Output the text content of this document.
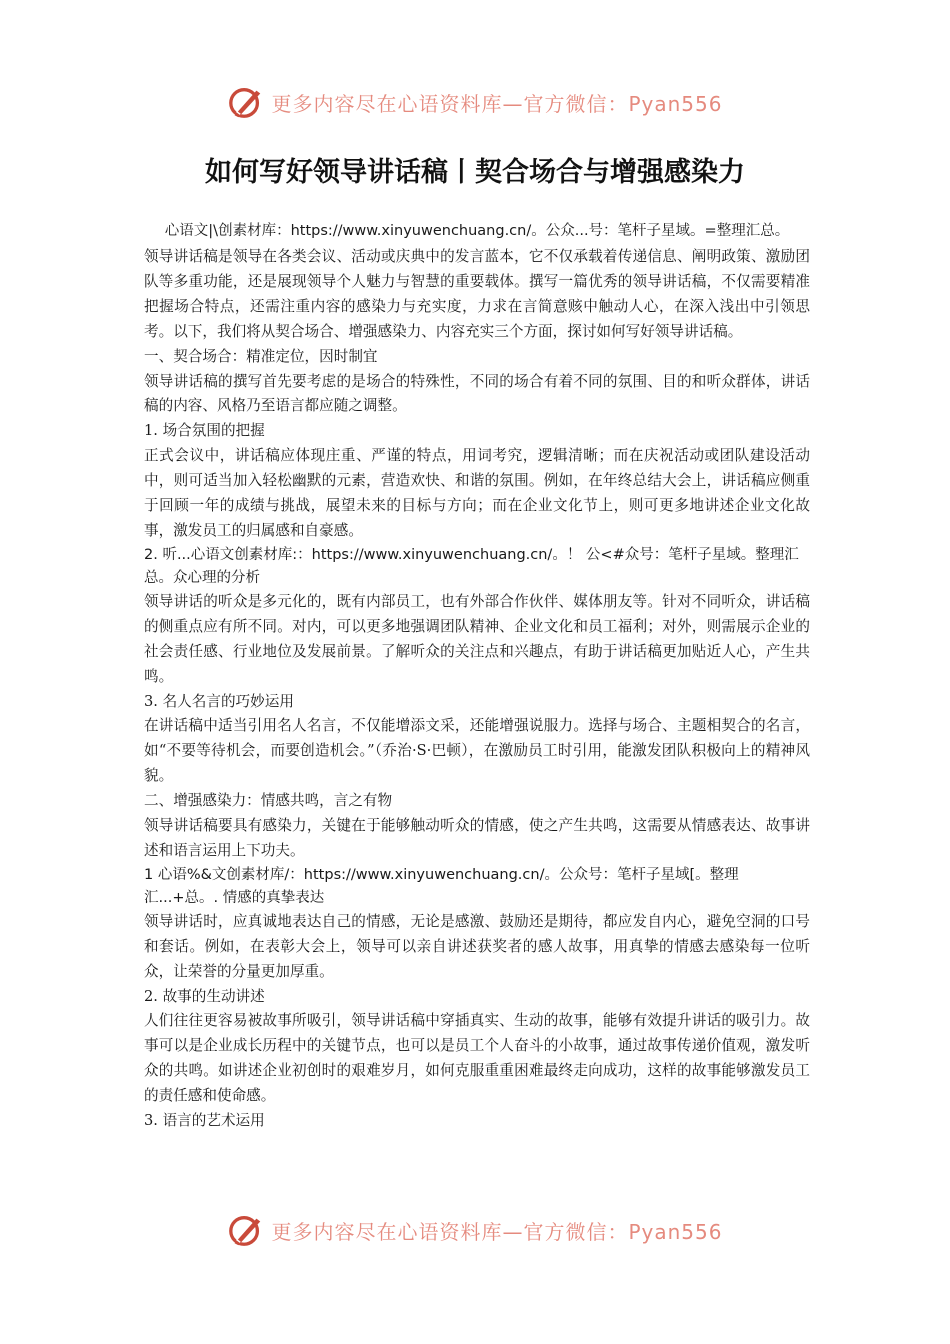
更多内容尽在心语资料库—官方微信：Pyan556
如何写好领导讲话稿丨契合场合与增强感染力

心语文|\创素材库：https://www.xinyuwenchuang.cn/。公众...号：笔杆子星域。=整理汇总。

领导讲话稿是领导在各类会议、活动或庆典中的发言蓝本，它不仅承载着传递信息、阐明政策、激励团队等多重功能，还是展现领导个人魅力与智慧的重要载体。撰写一篇优秀的领导讲话稿，不仅需要精准把握场合特点，还需注重内容的感染力与充实度，力求在言简意赅中触动人心，在深入浅出中引领思考。以下，我们将从契合场合、增强感染力、内容充实三个方面，探讨如何写好领导讲话稿。

一、契合场合：精准定位，因时制宜

领导讲话稿的撰写首先要考虑的是场合的特殊性，不同的场合有着不同的氛围、目的和听众群体，讲话稿的内容、风格乃至语言都应随之调整。

1. 场合氛围的把握

正式会议中，讲话稿应体现庄重、严谨的特点，用词考究，逻辑清晰；而在庆祝活动或团队建设活动中，则可适当加入轻松幽默的元素，营造欢快、和谐的氛围。例如，在年终总结大会上，讲话稿应侧重于回顾一年的成绩与挑战，展望未来的目标与方向；而在企业文化节上，则可更多地讲述企业文化故事，激发员工的归属感和自豪感。

2. 听...心语文创素材库:：https://www.xinyuwenchuang.cn/。！ 公<#众号：笔杆子星域。整理汇总。众心理的分析

领导讲话的听众是多元化的，既有内部员工，也有外部合作伙伴、媒体朋友等。针对不同听众，讲话稿的侧重点应有所不同。对内，可以更多地强调团队精神、企业文化和员工福利；对外，则需展示企业的社会责任感、行业地位及发展前景。了解听众的关注点和兴趣点，有助于讲话稿更加贴近人心，产生共鸣。

3. 名人名言的巧妙运用

在讲话稿中适当引用名人名言，不仅能增添文采，还能增强说服力。选择与场合、主题相契合的名言，如“不要等待机会，而要创造机会。”（乔治·S·巴顿），在激励员工时引用，能激发团队积极向上的精神风貌。

二、增强感染力：情感共鸣，言之有物

领导讲话稿要具有感染力，关键在于能够触动听众的情感，使之产生共鸣，这需要从情感表达、故事讲述和语言运用上下功夫。

1 心语%&文创素材库/：https://www.xinyuwenchuang.cn/。公众号：笔杆子星域[。整理汇...+总。. 情感的真挚表达

领导讲话时，应真诚地表达自己的情感，无论是感激、鼓励还是期待，都应发自内心，避免空洞的口号和套话。例如，在表彰大会上，领导可以亲自讲述获奖者的感人故事，用真挚的情感去感染每一位听众，让荣誉的分量更加厚重。

2. 故事的生动讲述

人们往往更容易被故事所吸引，领导讲话稿中穿插真实、生动的故事，能够有效提升讲话的吸引力。故事可以是企业成长历程中的关键节点，也可以是员工个人奋斗的小故事，通过故事传递价值观，激发听众的共鸣。如讲述企业初创时的艰难岁月，如何克服重重困难最终走向成功，这样的故事能够激发员工的责任感和使命感。

3. 语言的艺术运用

更多内容尽在心语资料库—官方微信：Pyan556
